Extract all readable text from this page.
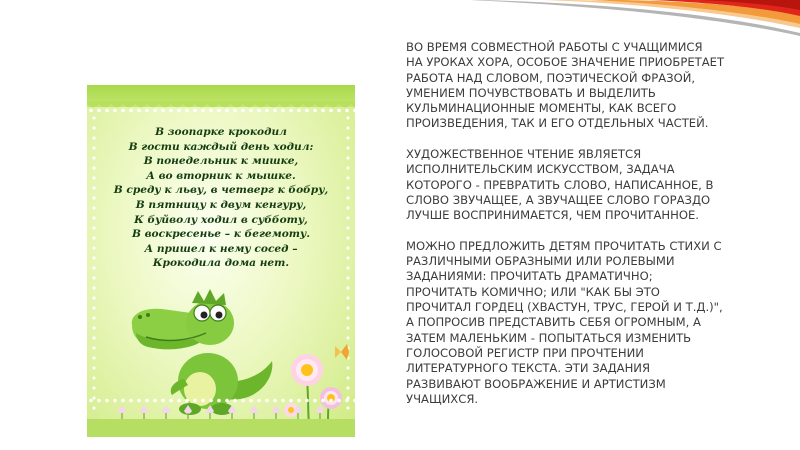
В зоопарке крокодил
В гости каждый день ходил:
В понедельник к мишке,
А во вторник к мышке.
В среду к льву, в четверг к бобру,
В пятницу к двум кенгуру,
К буйволу ходил в субботу,
В воскресенье – к бегемоту.
А пришел к нему сосед –
Крокодила дома нет.

ВО ВРЕМЯ СОВМЕСТНОЙ РАБОТЫ С УЧАЩИМИСЯ
НА УРОКАХ ХОРА, ОСОБОЕ ЗНАЧЕНИЕ ПРИОБРЕТАЕТ
РАБОТА НАД СЛОВОМ, ПОЭТИЧЕСКОЙ ФРАЗОЙ,
УМЕНИЕМ ПОЧУВСТВОВАТЬ И ВЫДЕЛИТЬ
КУЛЬМИНАЦИОННЫЕ МОМЕНТЫ, КАК ВСЕГО
ПРОИЗВЕДЕНИЯ, ТАК И ЕГО ОТДЕЛЬНЫХ ЧАСТЕЙ.

ХУДОЖЕСТВЕННОЕ ЧТЕНИЕ ЯВЛЯЕТСЯ
ИСПОЛНИТЕЛЬСКИМ ИСКУССТВОМ, ЗАДАЧА
КОТОРОГО - ПРЕВРАТИТЬ СЛОВО, НАПИСАННОЕ, В
СЛОВО ЗВУЧАЩЕЕ, А ЗВУЧАЩЕЕ СЛОВО ГОРАЗДО
ЛУЧШЕ ВОСПРИНИМАЕТСЯ, ЧЕМ ПРОЧИТАННОЕ.

МОЖНО ПРЕДЛОЖИТЬ ДЕТЯМ ПРОЧИТАТЬ СТИХИ С
РАЗЛИЧНЫМИ ОБРАЗНЫМИ ИЛИ РОЛЕВЫМИ
ЗАДАНИЯМИ: ПРОЧИТАТЬ ДРАМАТИЧНО;
ПРОЧИТАТЬ КОМИЧНО; ИЛИ "КАК БЫ ЭТО
ПРОЧИТАЛ ГОРДЕЦ (ХВАСТУН, ТРУС, ГЕРОЙ И Т.Д.)",
А ПОПРОСИВ ПРЕДСТАВИТЬ СЕБЯ ОГРОМНЫМ, А
ЗАТЕМ МАЛЕНЬКИМ - ПОПЫТАТЬСЯ ИЗМЕНИТЬ
ГОЛОСОВОЙ РЕГИСТР ПРИ ПРОЧТЕНИИ
ЛИТЕРАТУРНОГО ТЕКСТА. ЭТИ ЗАДАНИЯ
РАЗВИВАЮТ ВООБРАЖЕНИЕ И АРТИСТИЗМ
УЧАЩИХСЯ.
